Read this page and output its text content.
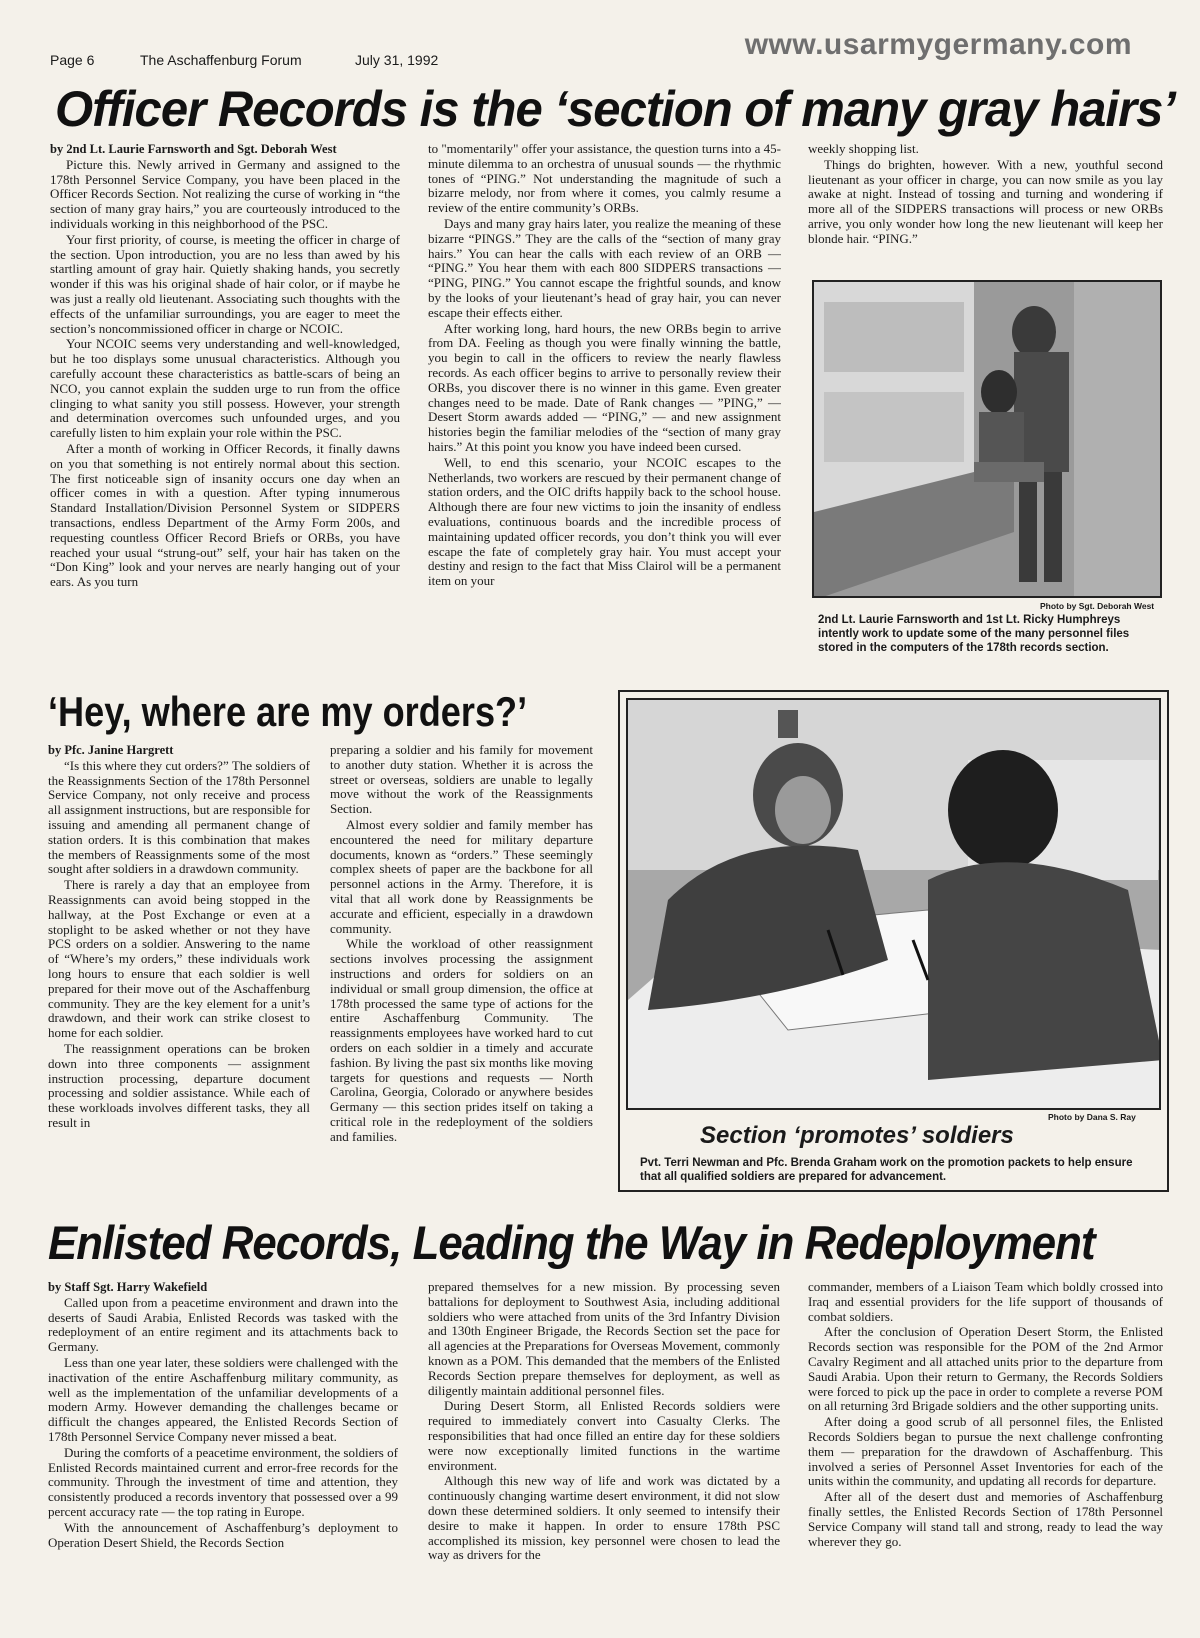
Page 6	The Aschaffenburg Forum	July 31, 1992	www.usarmygermany.com
Officer Records is the ‘section of many gray hairs’

by 2nd Lt. Laurie Farnsworth and Sgt. Deborah West

Picture this. Newly arrived in Germany and assigned to the 178th Personnel Service Company, you have been placed in the Officer Records Section. Not realizing the curse of working in “the section of many gray hairs,” you are courteously introduced to the individuals working in this neighborhood of the PSC.

Your first priority, of course, is meeting the officer in charge of the section. Upon introduction, you are no less than awed by his startling amount of gray hair. Quietly shaking hands, you secretly wonder if this was his original shade of hair color, or if maybe he was just a really old lieutenant. Associating such thoughts with the effects of the unfamiliar surroundings, you are eager to meet the section’s noncommissioned officer in charge or NCOIC.

Your NCOIC seems very understanding and well-knowledged, but he too displays some unusual characteristics. Although you carefully account these characteristics as battle-scars of being an NCO, you cannot explain the sudden urge to run from the office clinging to what sanity you still possess. However, your strength and determination overcomes such unfounded urges, and you carefully listen to him explain your role within the PSC.

After a month of working in Officer Records, it finally dawns on you that something is not entirely normal about this section. The first noticeable sign of insanity occurs one day when an officer comes in with a question. After typing innumerous Standard Installation/Division Personnel System or SIDPERS transactions, endless Department of the Army Form 200s, and requesting countless Officer Record Briefs or ORBs, you have reached your usual “strung-out” self, your hair has taken on the “Don King” look and your nerves are nearly hanging out of your ears. As you turn

to "momentarily" offer your assistance, the question turns into a 45-minute dilemma to an orchestra of unusual sounds — the rhythmic tones of “PING.” Not understanding the magnitude of such a bizarre melody, nor from where it comes, you calmly resume a review of the entire community’s ORBs.

Days and many gray hairs later, you realize the meaning of these bizarre “PINGS.” They are the calls of the “section of many gray hairs.” You can hear the calls with each review of an ORB — “PING.” You hear them with each 800 SIDPERS transactions — “PING, PING.” You cannot escape the frightful sounds, and know by the looks of your lieutenant’s head of gray hair, you can never escape their effects either.

After working long, hard hours, the new ORBs begin to arrive from DA. Feeling as though you were finally winning the battle, you begin to call in the officers to review the nearly flawless records. As each officer begins to arrive to personally review their ORBs, you discover there is no winner in this game. Even greater changes need to be made. Date of Rank changes — ”PING,” — Desert Storm awards added — “PING,” — and new assignment histories begin the familiar melodies of the “section of many gray hairs.” At this point you know you have indeed been cursed.

Well, to end this scenario, your NCOIC escapes to the Netherlands, two workers are rescued by their permanent change of station orders, and the OIC drifts happily back to the school house. Although there are four new victims to join the insanity of endless evaluations, continuous boards and the incredible process of maintaining updated officer records, you don’t think you will ever escape the fate of completely gray hair. You must accept your destiny and resign to the fact that Miss Clairol will be a permanent item on your

weekly shopping list.

Things do brighten, however. With a new, youthful second lieutenant as your officer in charge, you can now smile as you lay awake at night. Instead of tossing and turning and wondering if more all of the SIDPERS transactions will process or new ORBs arrive, you only wonder how long the new lieutenant will keep her blonde hair. “PING.”

Photo by Sgt. Deborah West
2nd Lt. Laurie Farnsworth and 1st Lt. Ricky Humphreys intently work to update some of the many personnel files stored in the computers of the 178th records section.
‘Hey, where are my orders?’

by Pfc. Janine Hargrett

“Is this where they cut orders?” The soldiers of the Reassignments Section of the 178th Personnel Service Company, not only receive and process all assignment instructions, but are responsible for issuing and amending all permanent change of station orders. It is this combination that makes the members of Reassignments some of the most sought after soldiers in a drawdown community.

There is rarely a day that an employee from Reassignments can avoid being stopped in the hallway, at the Post Exchange or even at a stoplight to be asked whether or not they have PCS orders on a soldier. Answering to the name of “Where’s my orders,” these individuals work long hours to ensure that each soldier is well prepared for their move out of the Aschaffenburg community. They are the key element for a unit’s drawdown, and their work can strike closest to home for each soldier.

The reassignment operations can be broken down into three components — assignment instruction processing, departure document processing and soldier assistance. While each of these workloads involves different tasks, they all result in

preparing a soldier and his family for movement to another duty station. Whether it is across the street or overseas, soldiers are unable to legally move without the work of the Reassignments Section.

Almost every soldier and family member has encountered the need for military departure documents, known as “orders.” These seemingly complex sheets of paper are the backbone for all personnel actions in the Army. Therefore, it is vital that all work done by Reassignments be accurate and efficient, especially in a drawdown community.

While the workload of other reassignment sections involves processing the assignment instructions and orders for soldiers on an individual or small group dimension, the office at 178th processed the same type of actions for the entire Aschaffenburg Community. The reassignments employees have worked hard to cut orders on each soldier in a timely and accurate fashion. By living the past six months like moving targets for questions and requests — North Carolina, Georgia, Colorado or anywhere besides Germany — this section prides itself on taking a critical role in the redeployment of the soldiers and families.

Photo by Dana S. Ray
Section ‘promotes’ soldiers
Pvt. Terri Newman and Pfc. Brenda Graham work on the promotion packets to help ensure that all qualified soldiers are prepared for advancement.
Enlisted Records, Leading the Way in Redeployment

by Staff Sgt. Harry Wakefield

Called upon from a peacetime environment and drawn into the deserts of Saudi Arabia, Enlisted Records was tasked with the redeployment of an entire regiment and its attachments back to Germany.

Less than one year later, these soldiers were challenged with the inactivation of the entire Aschaffenburg military community, as well as the implementation of the unfamiliar developments of a modern Army. However demanding the challenges became or difficult the changes appeared, the Enlisted Records Section of 178th Personnel Service Company never missed a beat.

During the comforts of a peacetime environment, the soldiers of Enlisted Records maintained current and error-free records for the community. Through the investment of time and attention, they consistently produced a records inventory that possessed over a 99 percent accuracy rate — the top rating in Europe.

With the announcement of Aschaffenburg’s deployment to Operation Desert Shield, the Records Section

prepared themselves for a new mission. By processing seven battalions for deployment to Southwest Asia, including additional soldiers who were attached from units of the 3rd Infantry Division and 130th Engineer Brigade, the Records Section set the pace for all agencies at the Preparations for Overseas Movement, commonly known as a POM. This demanded that the members of the Enlisted Records Section prepare themselves for deployment, as well as diligently maintain additional personnel files.

During Desert Storm, all Enlisted Records soldiers were required to immediately convert into Casualty Clerks. The responsibilities that had once filled an entire day for these soldiers were now exceptionally limited functions in the wartime environment.

Although this new way of life and work was dictated by a continuously changing wartime desert environment, it did not slow down these determined soldiers. It only seemed to intensify their desire to make it happen. In order to ensure 178th PSC accomplished its mission, key personnel were chosen to lead the way as drivers for the

commander, members of a Liaison Team which boldly crossed into Iraq and essential providers for the life support of thousands of combat soldiers.

After the conclusion of Operation Desert Storm, the Enlisted Records section was responsible for the POM of the 2nd Armor Cavalry Regiment and all attached units prior to the departure from Saudi Arabia. Upon their return to Germany, the Records Soldiers were forced to pick up the pace in order to complete a reverse POM on all returning 3rd Brigade soldiers and the other supporting units.

After doing a good scrub of all personnel files, the Enlisted Records Soldiers began to pursue the next challenge confronting them — preparation for the drawdown of Aschaffenburg. This involved a series of Personnel Asset Inventories for each of the units within the community, and updating all records for departure.

After all of the desert dust and memories of Aschaffenburg finally settles, the Enlisted Records Section of 178th Personnel Service Company will stand tall and strong, ready to lead the way wherever they go.
